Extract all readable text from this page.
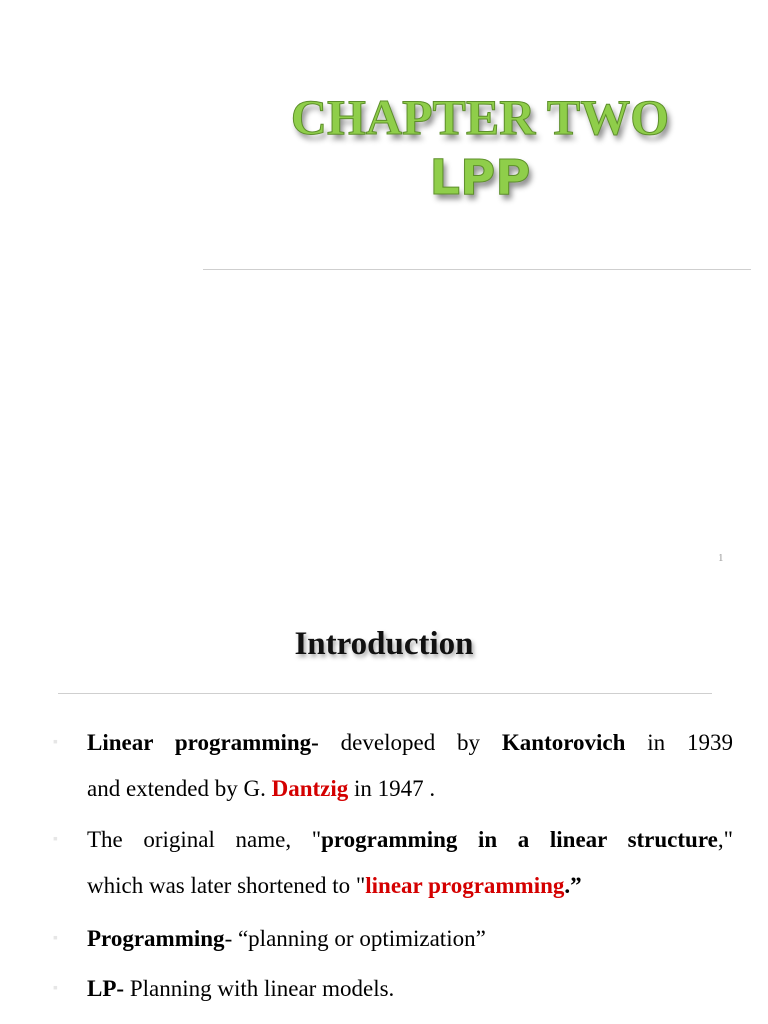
CHAPTER TWO
LPP
1
Introduction
▪ Linear programming- developed by Kantorovich in 1939
and extended by G. Dantzig in 1947 .
▪ The original name, "programming in a linear structure,"
which was later shortened to "linear programming.”
▪ Programming- “planning or optimization”
▪ LP- Planning with linear models.
